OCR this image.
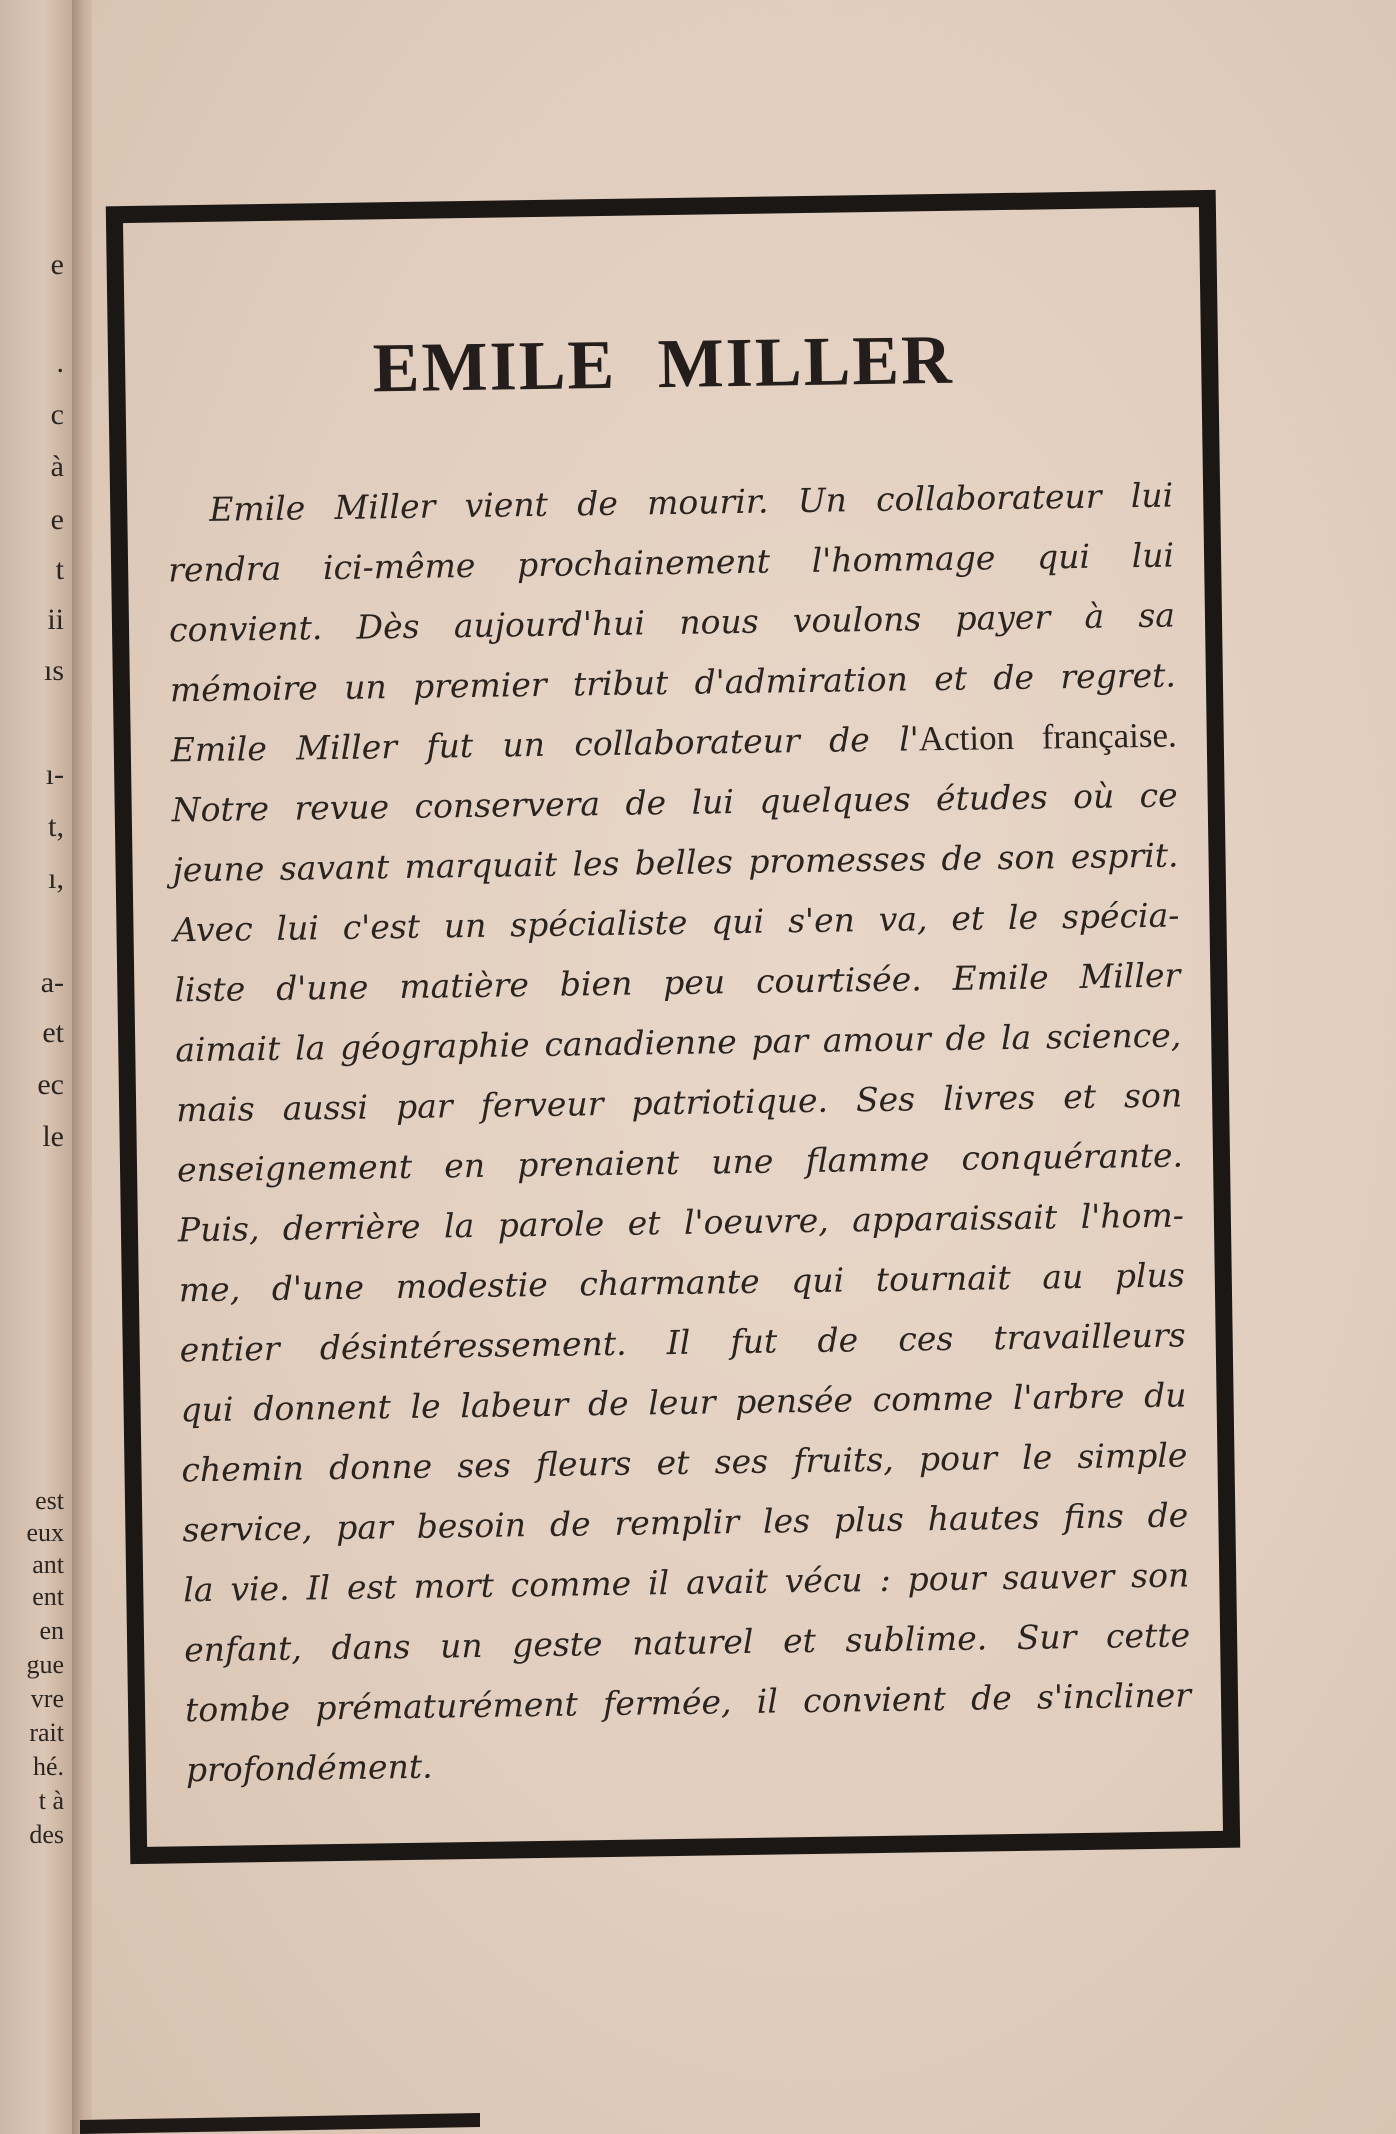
e
.
c
à
e
t
ii
ıs
ı-
t,
ı,
a-
et
ec
le
est
eux
ant
ent
en
gue
vre
rait
hé.
t à
des
EMILE MILLER
Emile Miller vient de mourir. Un collaborateur lui
rendra ici-même prochainement l'hommage qui lui
convient. Dès aujourd'hui nous voulons payer à sa
mémoire un premier tribut d'admiration et de regret.
Emile Miller fut un collaborateur de l'Action française.
Notre revue conservera de lui quelques études où ce
jeune savant marquait les belles promesses de son esprit.
Avec lui c'est un spécialiste qui s'en va, et le spécia-
liste d'une matière bien peu courtisée. Emile Miller
aimait la géographie canadienne par amour de la science,
mais aussi par ferveur patriotique. Ses livres et son
enseignement en prenaient une flamme conquérante.
Puis, derrière la parole et l'oeuvre, apparaissait l'hom-
me, d'une modestie charmante qui tournait au plus
entier désintéressement. Il fut de ces travailleurs
qui donnent le labeur de leur pensée comme l'arbre du
chemin donne ses fleurs et ses fruits, pour le simple
service, par besoin de remplir les plus hautes fins de
la vie. Il est mort comme il avait vécu : pour sauver son
enfant, dans un geste naturel et sublime. Sur cette
tombe prématurément fermée, il convient de s'incliner
profondément.
